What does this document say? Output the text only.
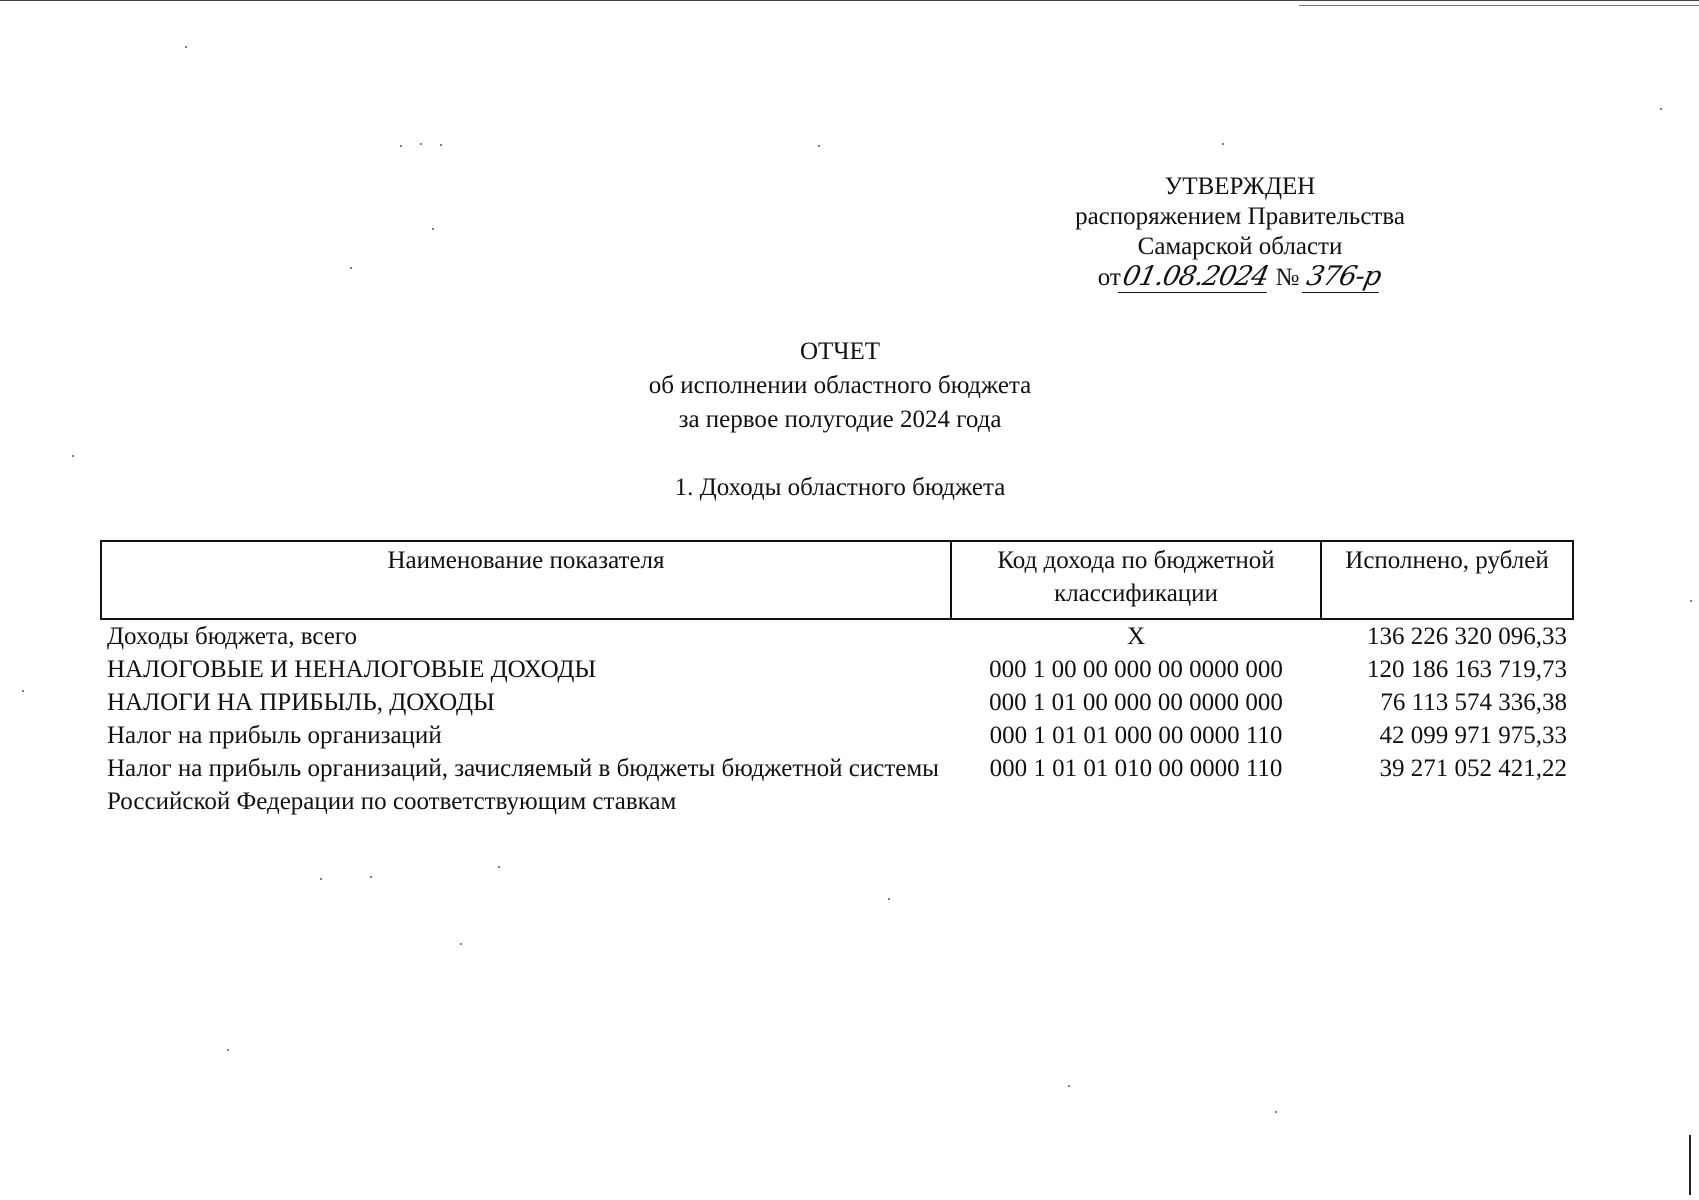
УТВЕРЖДЕН
распоряжением Правительства
Самарской области
от01.08.2024 № 376-р
ОТЧЕТ
об исполнении областного бюджета
за первое полугодие 2024 года
1. Доходы областного бюджета
Наименование показателя	Код дохода по бюджетной классификации	Исполнено, рублей
Доходы бюджета, всего	X	136 226 320 096,33
НАЛОГОВЫЕ И НЕНАЛОГОВЫЕ ДОХОДЫ	000 1 00 00 000 00 0000 000	120 186 163 719,73
НАЛОГИ НА ПРИБЫЛЬ, ДОХОДЫ	000 1 01 00 000 00 0000 000	76 113 574 336,38
Налог на прибыль организаций	000 1 01 01 000 00 0000 110	42 099 971 975,33
Налог на прибыль организаций, зачисляемый в бюджеты бюджетной системы Российской Федерации по соответствующим ставкам	000 1 01 01 010 00 0000 110	39 271 052 421,22
